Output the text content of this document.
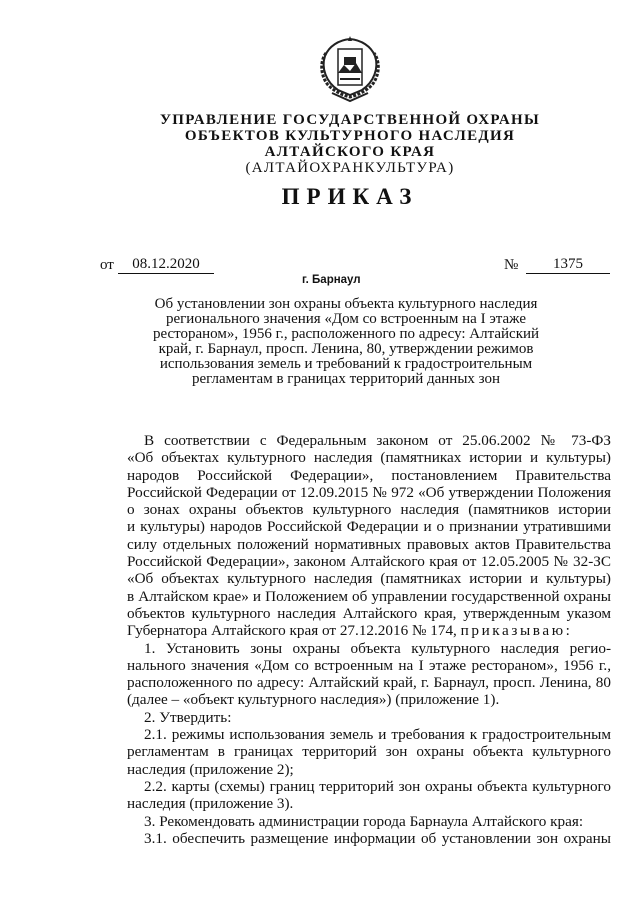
УПРАВЛЕНИЕ ГОСУДАРСТВЕННОЙ ОХРАНЫ
ОБЪЕКТОВ КУЛЬТУРНОГО НАСЛЕДИЯ
АЛТАЙСКОГО КРАЯ
(АЛТАЙОХРАНКУЛЬТУРА)
ПРИКАЗ
от	08.12.2020	№	1375
г. Барнаул
Об установлении зон охраны объекта культурного наследия
регионального значения «Дом со встроенным на I этаже
рестораном», 1956 г., расположенного по адресу: Алтайский
край, г. Барнаул, просп. Ленина, 80, утверждении режимов
использования земель и требований к градостроительным
регламентам в границах территорий данных зон
В соответствии с Федеральным законом от 25.06.2002 № 73-ФЗ
«Об объектах культурного наследия (памятниках истории и культуры)
народов Российской Федерации», постановлением Правительства
Российской Федерации от 12.09.2015 № 972 «Об утверждении Положения
о зонах охраны объектов культурного наследия (памятников истории
и культуры) народов Российской Федерации и о признании утратившими
силу отдельных положений нормативных правовых актов Правительства
Российской Федерации», законом Алтайского края от 12.05.2005 № 32-ЗС
«Об объектах культурного наследия (памятниках истории и культуры)
в Алтайском крае» и Положением об управлении государственной охраны
объектов культурного наследия Алтайского края, утвержденным указом
Губернатора Алтайского края от 27.12.2016 № 174, приказываю:
1. Установить зоны охраны объекта культурного наследия регио-
нального значения «Дом со встроенным на I этаже рестораном», 1956 г.,
расположенного по адресу: Алтайский край, г. Барнаул, просп. Ленина, 80
(далее – «объект культурного наследия») (приложение 1).
2. Утвердить:
2.1. режимы использования земель и требования к градостроительным
регламентам в границах территорий зон охраны объекта культурного
наследия (приложение 2);
2.2. карты (схемы) границ территорий зон охраны объекта культурного
наследия (приложение 3).
3. Рекомендовать администрации города Барнаула Алтайского края:
3.1. обеспечить размещение информации об установлении зон охраны
